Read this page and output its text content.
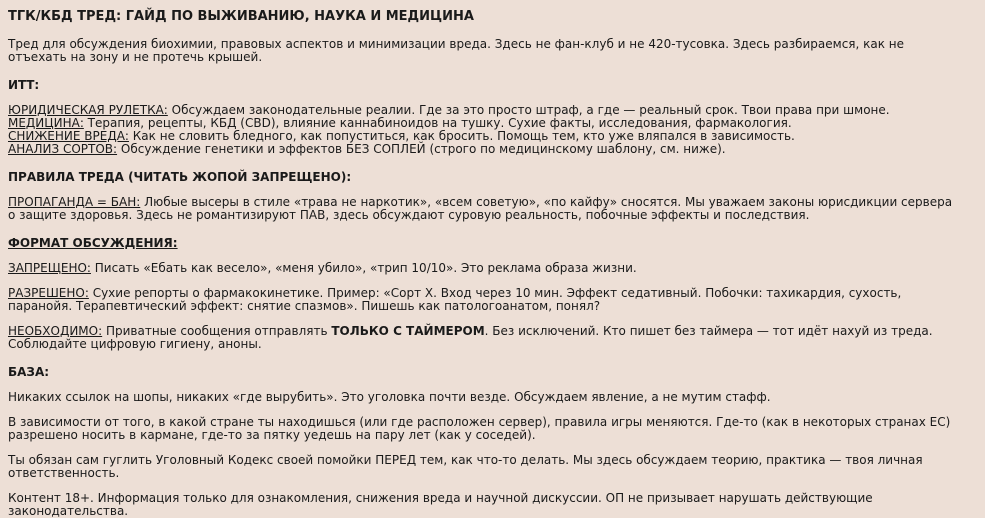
ТГК/КБД ТРЕД: ГАЙД ПО ВЫЖИВАНИЮ, НАУКА И МЕДИЦИНА

Тред для обсуждения биохимии, правовых аспектов и минимизации вреда. Здесь не фан-клуб и не 420-тусовка. Здесь разбираемся, как не отъехать на зону и не протечь крышей.

ИТТ:
ЮРИДИЧЕСКАЯ РУЛЕТКА: Обсуждаем законодательные реалии. Где за это просто штраф, а где — реальный срок. Твои права при шмоне.
МЕДИЦИНА: Терапия, рецепты, КБД (CBD), влияние каннабиноидов на тушку. Сухие факты, исследования, фармакология.
СНИЖЕНИЕ ВРЕДА: Как не словить бледного, как попуститься, как бросить. Помощь тем, кто уже вляпался в зависимость.
АНАЛИЗ СОРТОВ: Обсуждение генетики и эффектов БЕЗ СОПЛЕЙ (строго по медицинскому шаблону, см. ниже).
ПРАВИЛА ТРЕДА (ЧИТАТЬ ЖОПОЙ ЗАПРЕЩЕНО):

ПРОПАГАНДА = БАН: Любые высеры в стиле «трава не наркотик», «всем советую», «по кайфу» сносятся. Мы уважаем законы юрисдикции сервера о защите здоровья. Здесь не романтизируют ПАВ, здесь обсуждают суровую реальность, побочные эффекты и последствия.

ФОРМАТ ОБСУЖДЕНИЯ:

ЗАПРЕЩЕНО: Писать «Ебать как весело», «меня убило», «трип 10/10». Это реклама образа жизни.

РАЗРЕШЕНО: Сухие репорты о фармакокинетике. Пример: «Сорт X. Вход через 10 мин. Эффект седативный. Побочки: тахикардия, сухость, паранойя. Терапевтический эффект: снятие спазмов». Пишешь как патологоанатом, понял?

НЕОБХОДИМО: Приватные сообщения отправлять ТОЛЬКО С ТАЙМЕРОМ. Без исключений. Кто пишет без таймера — тот идёт нахуй из треда. Соблюдайте цифровую гигиену, аноны.

БАЗА:

Никаких ссылок на шопы, никаких «где вырубить». Это уголовка почти везде. Обсуждаем явление, а не мутим стафф.

В зависимости от того, в какой стране ты находишься (или где расположен сервер), правила игры меняются. Где-то (как в некоторых странах ЕС) разрешено носить в кармане, где-то за пятку уедешь на пару лет (как у соседей).

Ты обязан сам гуглить Уголовный Кодекс своей помойки ПЕРЕД тем, как что-то делать. Мы здесь обсуждаем теорию, практика — твоя личная ответственность.

Контент 18+. Информация только для ознакомления, снижения вреда и научной дискуссии. ОП не призывает нарушать действующие законодательства.
